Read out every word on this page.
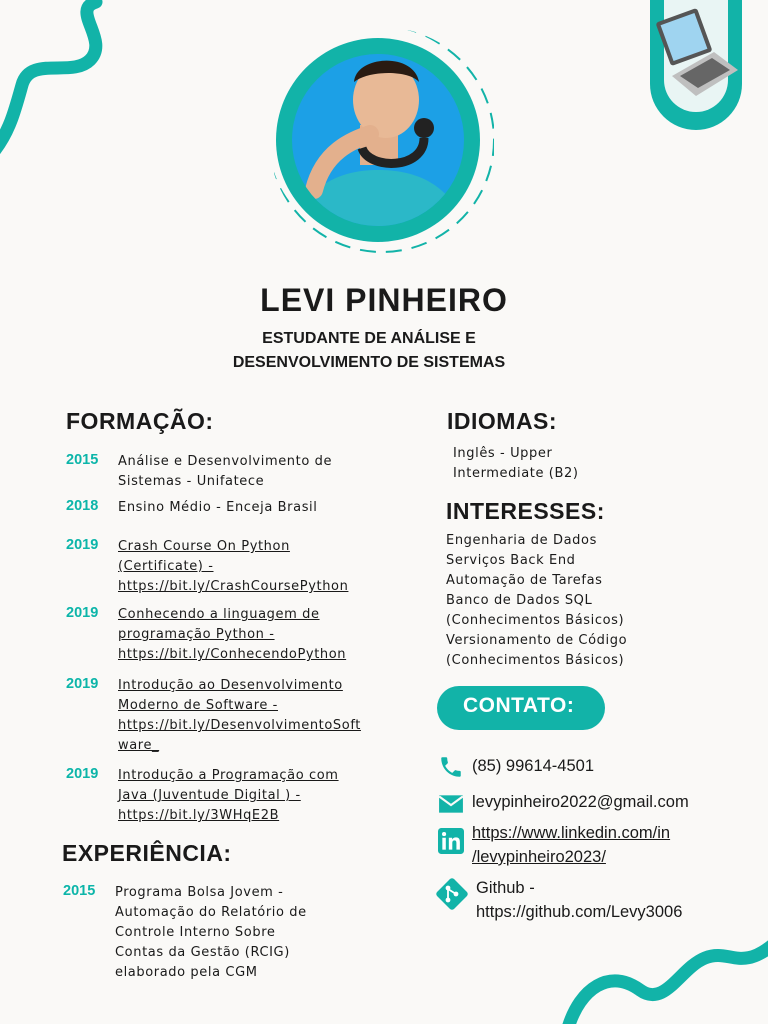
LEVI PINHEIRO
ESTUDANTE DE ANÁLISE E
DESENVOLVIMENTO DE SISTEMAS
FORMAÇÃO:
2015	Análise e Desenvolvimento de
Sistemas - Unifatece
2018	Ensino Médio - Enceja Brasil
2019	Crash Course On Python
(Certificate) -
https://bit.ly/CrashCoursePython
2019	Conhecendo a linguagem de
programação Python -
https://bit.ly/ConhecendoPython
2019	Introdução ao Desenvolvimento
Moderno de Software -
https://bit.ly/DesenvolvimentoSoft
ware_
2019	Introdução a Programação com
Java (Juventude Digital ) -
https://bit.ly/3WHqE2B
EXPERIÊNCIA:
2015	Programa Bolsa Jovem -
Automação do Relatório de
Controle Interno Sobre
Contas da Gestão (RCIG)
elaborado pela CGM
IDIOMAS:
Inglês - Upper
Intermediate (B2)
INTERESSES:
Engenharia de Dados
Serviços Back End
Automação de Tarefas
Banco de Dados SQL
(Conhecimentos Básicos)
Versionamento de Código
(Conhecimentos Básicos)
CONTATO:
(85) 99614-4501
levypinheiro2022@gmail.com
https://www.linkedin.com/in
/levypinheiro2023/
Github -
https://github.com/Levy3006
